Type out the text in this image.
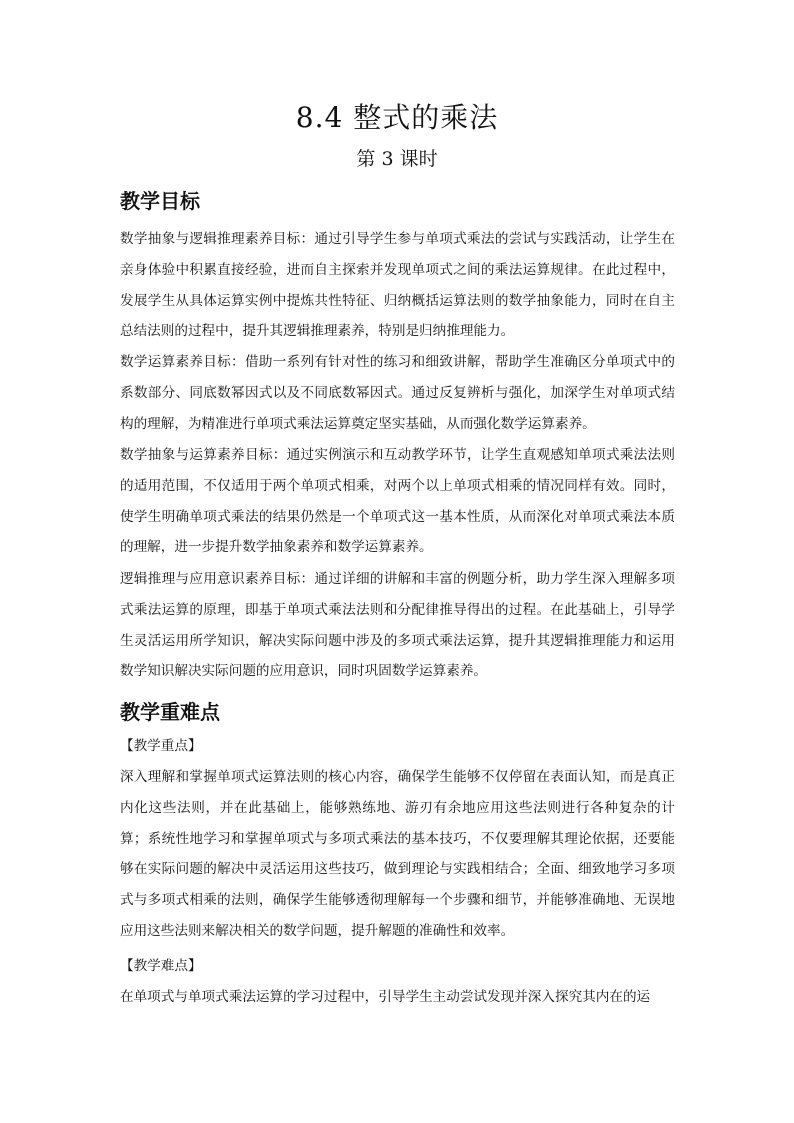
8.4 整式的乘法
第 3 课时
教学目标

数学抽象与逻辑推理素养目标：通过引导学生参与单项式乘法的尝试与实践活动，让学生在亲身体验中积累直接经验，进而自主探索并发现单项式之间的乘法运算规律。在此过程中，发展学生从具体运算实例中提炼共性特征、归纳概括运算法则的数学抽象能力，同时在自主总结法则的过程中，提升其逻辑推理素养，特别是归纳推理能力。

数学运算素养目标：借助一系列有针对性的练习和细致讲解，帮助学生准确区分单项式中的系数部分、同底数幂因式以及不同底数幂因式。通过反复辨析与强化，加深学生对单项式结构的理解，为精准进行单项式乘法运算奠定坚实基础，从而强化数学运算素养。

数学抽象与运算素养目标：通过实例演示和互动教学环节，让学生直观感知单项式乘法法则的适用范围，不仅适用于两个单项式相乘，对两个以上单项式相乘的情况同样有效。同时，使学生明确单项式乘法的结果仍然是一个单项式这一基本性质，从而深化对单项式乘法本质的理解，进一步提升数学抽象素养和数学运算素养。

逻辑推理与应用意识素养目标：通过详细的讲解和丰富的例题分析，助力学生深入理解多项式乘法运算的原理，即基于单项式乘法法则和分配律推导得出的过程。在此基础上，引导学生灵活运用所学知识，解决实际问题中涉及的多项式乘法运算，提升其逻辑推理能力和运用数学知识解决实际问题的应用意识，同时巩固数学运算素养。

教学重难点
【教学重点】

深入理解和掌握单项式运算法则的核心内容，确保学生能够不仅停留在表面认知，而是真正内化这些法则，并在此基础上，能够熟练地、游刃有余地应用这些法则进行各种复杂的计算；系统性地学习和掌握单项式与多项式乘法的基本技巧，不仅要理解其理论依据，还要能够在实际问题的解决中灵活运用这些技巧，做到理论与实践相结合；全面、细致地学习多项式与多项式相乘的法则，确保学生能够透彻理解每一个步骤和细节，并能够准确地、无误地应用这些法则来解决相关的数学问题，提升解题的准确性和效率。

【教学难点】

在单项式与单项式乘法运算的学习过程中，引导学生主动尝试发现并深入探究其内在的运
